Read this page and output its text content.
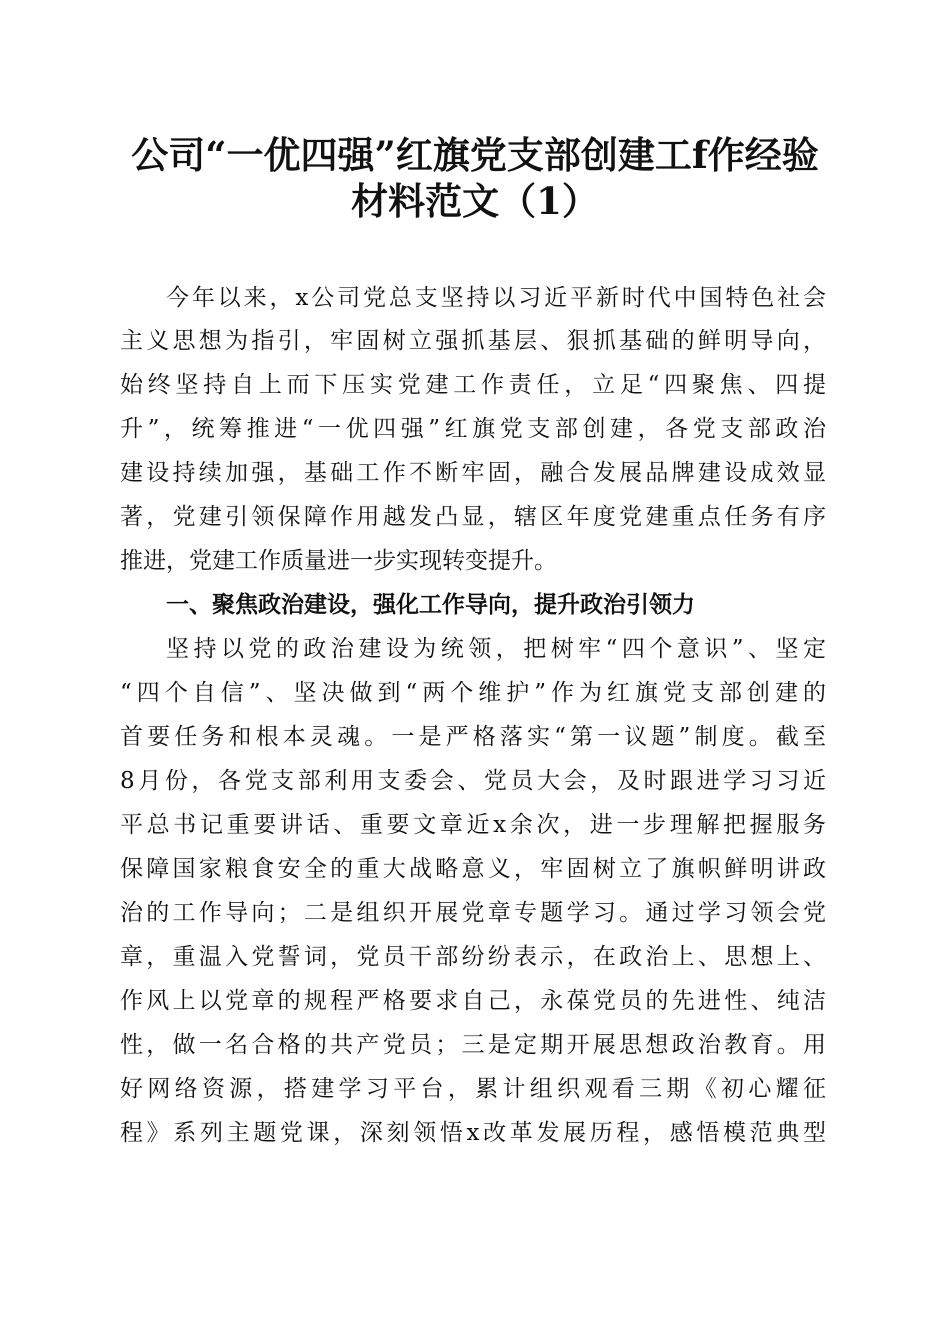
公司“一优四强”红旗党支部创建工f作经验
材料范文（1）
今年以来，x公司党总支坚持以习近平新时代中国特色社会
主义思想为指引，牢固树立强抓基层、狠抓基础的鲜明导向，
始终坚持自上而下压实党建工作责任，立足“四聚焦、四提
升”，统筹推进“一优四强”红旗党支部创建，各党支部政治
建设持续加强，基础工作不断牢固，融合发展品牌建设成效显
著，党建引领保障作用越发凸显，辖区年度党建重点任务有序
推进，党建工作质量进一步实现转变提升。
一、聚焦政治建设，强化工作导向，提升政治引领力
坚持以党的政治建设为统领，把树牢“四个意识”、坚定
“四个自信”、坚决做到“两个维护”作为红旗党支部创建的
首要任务和根本灵魂。一是严格落实“第一议题”制度。截至
8月份，各党支部利用支委会、党员大会，及时跟进学习习近
平总书记重要讲话、重要文章近x余次，进一步理解把握服务
保障国家粮食安全的重大战略意义，牢固树立了旗帜鲜明讲政
治的工作导向；二是组织开展党章专题学习。通过学习领会党
章，重温入党誓词，党员干部纷纷表示，在政治上、思想上、
作风上以党章的规程严格要求自己，永葆党员的先进性、纯洁
性，做一名合格的共产党员；三是定期开展思想政治教育。用
好网络资源，搭建学习平台，累计组织观看三期《初心耀征
程》系列主题党课，深刻领悟x改革发展历程，感悟模范典型
